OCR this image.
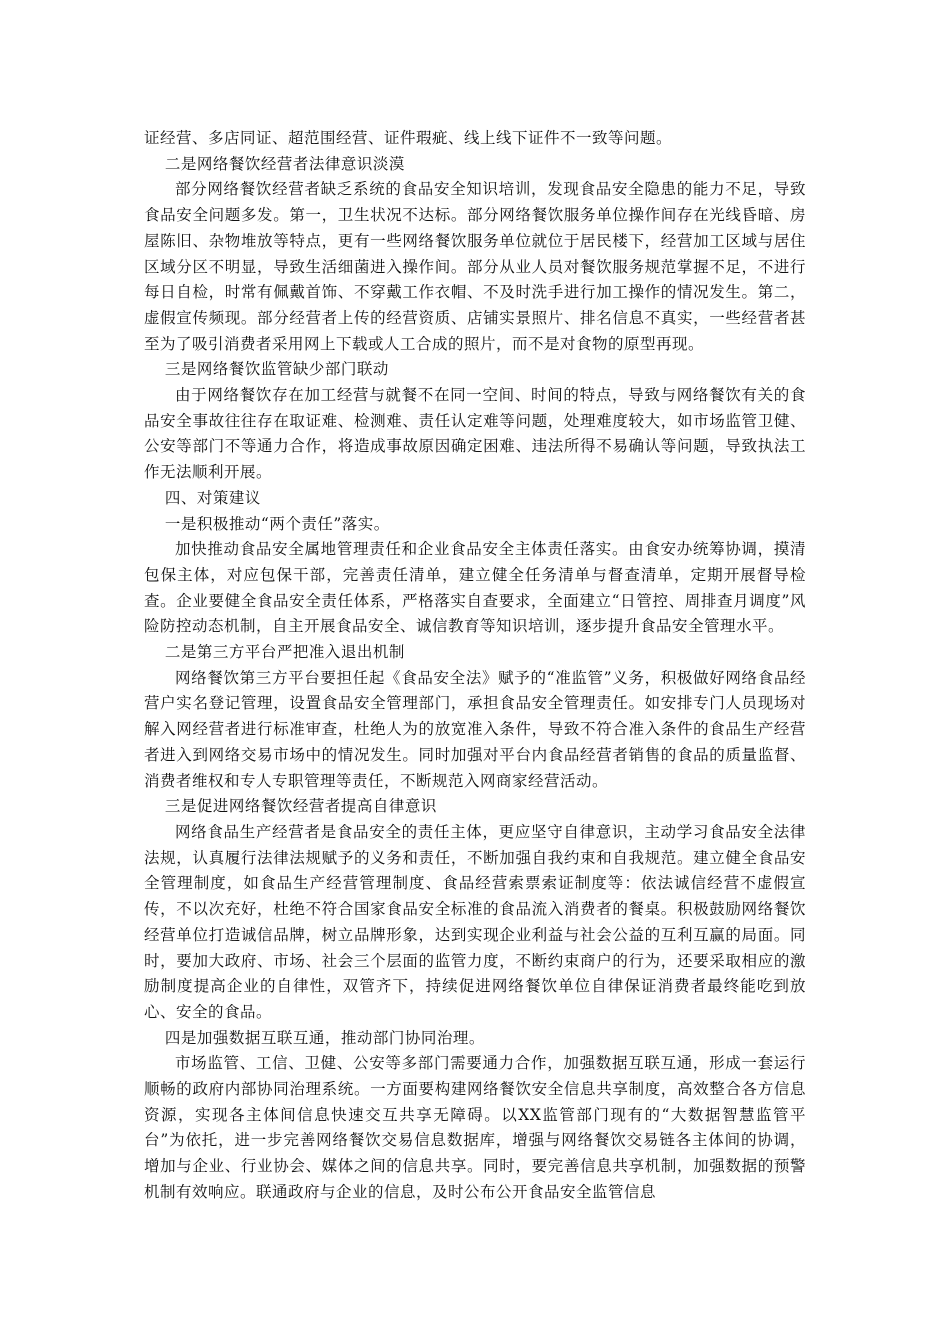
证经营、多店同证、超范围经营、证件瑕疵、线上线下证件不一致等问题。

二是网络餐饮经营者法律意识淡漠

部分网络餐饮经营者缺乏系统的食品安全知识培训，发现食品安全隐患的能力不足，导致食品安全问题多发。第一，卫生状况不达标。部分网络餐饮服务单位操作间存在光线昏暗、房屋陈旧、杂物堆放等特点，更有一些网络餐饮服务单位就位于居民楼下，经营加工区域与居住区域分区不明显，导致生活细菌进入操作间。部分从业人员对餐饮服务规范掌握不足，不进行每日自检，时常有佩戴首饰、不穿戴工作衣帽、不及时洗手进行加工操作的情况发生。第二，虚假宣传频现。部分经营者上传的经营资质、店铺实景照片、排名信息不真实，一些经营者甚至为了吸引消费者采用网上下载或人工合成的照片，而不是对食物的原型再现。

三是网络餐饮监管缺少部门联动

由于网络餐饮存在加工经营与就餐不在同一空间、时间的特点，导致与网络餐饮有关的食品安全事故往往存在取证难、检测难、责任认定难等问题，处理难度较大，如市场监管卫健、公安等部门不等通力合作，将造成事故原因确定困难、违法所得不易确认等问题，导致执法工作无法顺利开展。

四、对策建议

一是积极推动“两个责任”落实。

加快推动食品安全属地管理责任和企业食品安全主体责任落实。由食安办统筹协调，摸清包保主体，对应包保干部，完善责任清单，建立健全任务清单与督查清单，定期开展督导检查。企业要健全食品安全责任体系，严格落实自查要求，全面建立“日管控、周排查月调度”风险防控动态机制，自主开展食品安全、诚信教育等知识培训，逐步提升食品安全管理水平。

二是第三方平台严把准入退出机制

网络餐饮第三方平台要担任起《食品安全法》赋予的“准监管”义务，积极做好网络食品经营户实名登记管理，设置食品安全管理部门，承担食品安全管理责任。如安排专门人员现场对解入网经营者进行标准审查，杜绝人为的放宽准入条件，导致不符合准入条件的食品生产经营者进入到网络交易市场中的情况发生。同时加强对平台内食品经营者销售的食品的质量监督、消费者维权和专人专职管理等责任，不断规范入网商家经营活动。

三是促进网络餐饮经营者提高自律意识

网络食品生产经营者是食品安全的责任主体，更应坚守自律意识，主动学习食品安全法律法规，认真履行法律法规赋予的义务和责任，不断加强自我约束和自我规范。建立健全食品安全管理制度，如食品生产经营管理制度、食品经营索票索证制度等：依法诚信经营不虚假宣传，不以次充好，杜绝不符合国家食品安全标准的食品流入消费者的餐桌。积极鼓励网络餐饮经营单位打造诚信品牌，树立品牌形象，达到实现企业利益与社会公益的互利互赢的局面。同时，要加大政府、市场、社会三个层面的监管力度，不断约束商户的行为，还要采取相应的激励制度提高企业的自律性，双管齐下，持续促进网络餐饮单位自律保证消费者最终能吃到放心、安全的食品。

四是加强数据互联互通，推动部门协同治理。

市场监管、工信、卫健、公安等多部门需要通力合作，加强数据互联互通，形成一套运行顺畅的政府内部协同治理系统。一方面要构建网络餐饮安全信息共享制度，高效整合各方信息资源，实现各主体间信息快速交互共享无障碍。以XX监管部门现有的“大数据智慧监管平台”为依托，进一步完善网络餐饮交易信息数据库，增强与网络餐饮交易链各主体间的协调，增加与企业、行业协会、媒体之间的信息共享。同时，要完善信息共享机制，加强数据的预警机制有效响应。联通政府与企业的信息，及时公布公开食品安全监管信息
